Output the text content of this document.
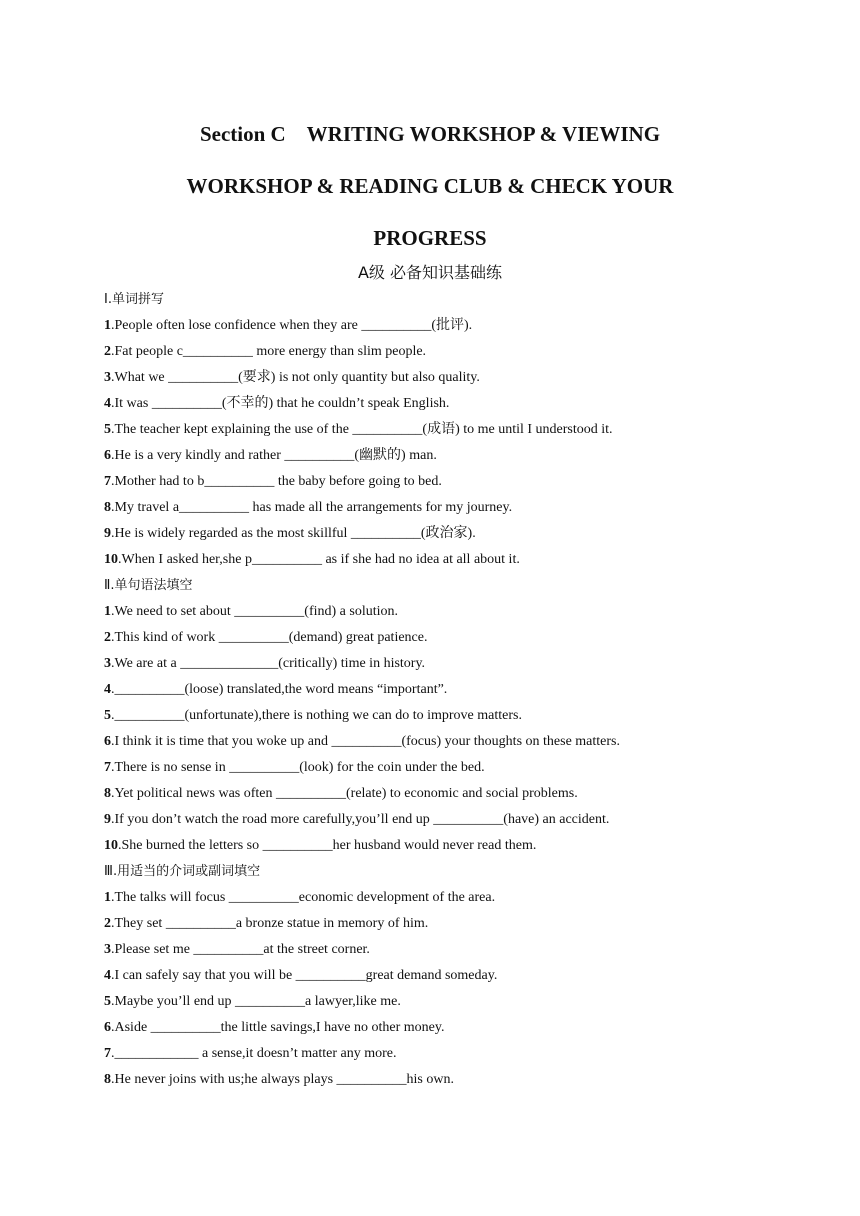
Section C　WRITING WORKSHOP & VIEWING
WORKSHOP & READING CLUB & CHECK YOUR
PROGRESS
A级 必备知识基础练
Ⅰ.单词拼写
1.People often lose confidence when they are __________(批评).
2.Fat people c__________ more energy than slim people.
3.What we __________(要求) is not only quantity but also quality.
4.It was __________(不幸的) that he couldn’t speak English.
5.The teacher kept explaining the use of the __________(成语) to me until I understood it.
6.He is a very kindly and rather __________(幽默的) man.
7.Mother had to b__________ the baby before going to bed.
8.My travel a__________ has made all the arrangements for my journey.
9.He is widely regarded as the most skillful __________(政治家).
10.When I asked her,she p__________ as if she had no idea at all about it.
Ⅱ.单句语法填空
1.We need to set about __________(find) a solution.
2.This kind of work __________(demand) great patience.
3.We are at a ______________(critically) time in history.
4.__________(loose) translated,the word means “important”.
5.__________(unfortunate),there is nothing we can do to improve matters.
6.I think it is time that you woke up and __________(focus) your thoughts on these matters.
7.There is no sense in __________(look) for the coin under the bed.
8.Yet political news was often __________(relate) to economic and social problems.
9.If you don’t watch the road more carefully,you’ll end up __________(have) an accident.
10.She burned the letters so __________her husband would never read them.
Ⅲ.用适当的介词或副词填空
1.The talks will focus __________economic development of the area.
2.They set __________a bronze statue in memory of him.
3.Please set me __________at the street corner.
4.I can safely say that you will be __________great demand someday.
5.Maybe you’ll end up __________a lawyer,like me.
6.Aside __________the little savings,I have no other money.
7.____________ a sense,it doesn’t matter any more.
8.He never joins with us;he always plays __________his own.
